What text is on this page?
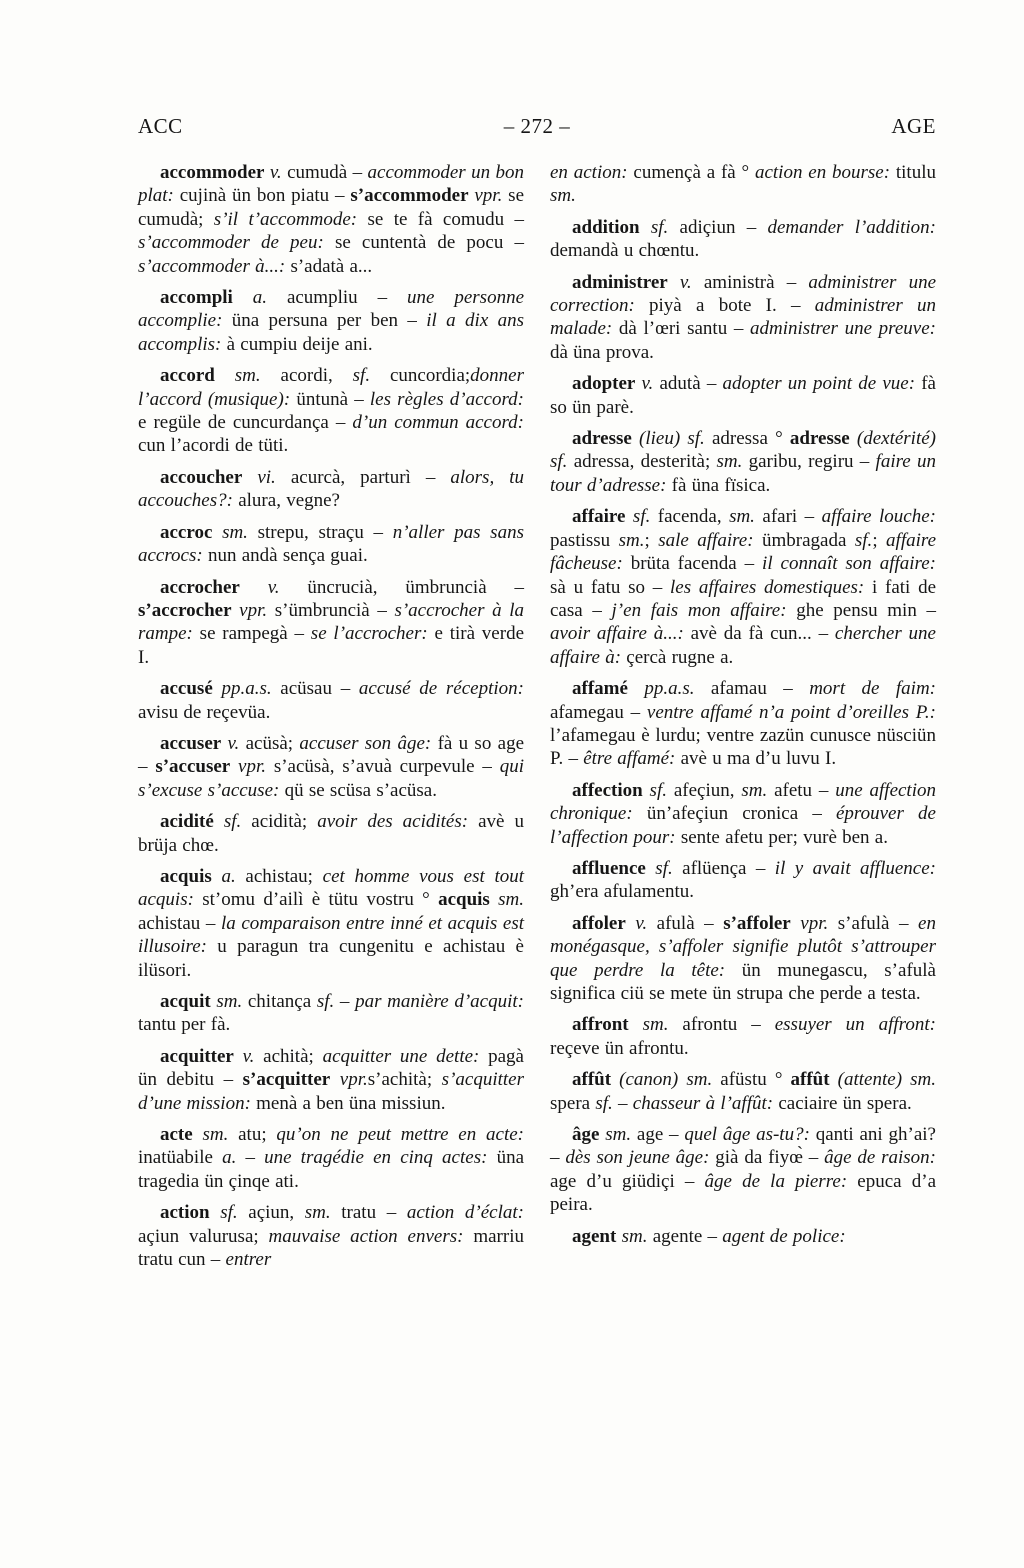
ACC	– 272 –	AGE

accommoder v. cumudà – accommoder un bon plat: cujinà ün bon piatu – s’accommoder vpr. se cumudà; s’il t’accommode: se te fà comudu – s’accommoder de peu: se cuntentà de pocu – s’accommoder à...: s’adatà a...

accompli a. acumpliu – une personne accomplie: üna persuna per ben – il a dix ans accomplis: à cumpiu deije ani.

accord sm. acordi, sf. cuncordia;donner l’accord (musique): üntunà – les règles d’accord: e regüle de cuncurdança – d’un commun accord: cun l’acordi de tüti.

accoucher vi. acurcà, parturì – alors, tu accouches?: alura, vegne?

accroc sm. strepu, straçu – n’aller pas sans accrocs: nun andà sença guai.

accrocher v. üncrucià, ümbruncià – s’accrocher vpr. s’ümbruncià – s’accrocher à la rampe: se rampegà – se l’accrocher: e tirà verde I.

accusé pp.a.s. acüsau – accusé de réception: avisu de reçevüa.

accuser v. acüsà; accuser son âge: fà u so age – s’accuser vpr. s’acüsà, s’avuà curpevule – qui s’excuse s’accuse: qü se scüsa s’acüsa.

acidité sf. acidità; avoir des acidités: avè u brüja chœ.

acquis a. achistau; cet homme vous est tout acquis: st’omu d’ailì è tütu vostru ° acquis sm. achistau – la comparaison entre inné et acquis est illusoire: u paragun tra cungenitu e achistau è ilüsori.

acquit sm. chitança sf. – par manière d’acquit: tantu per fà.

acquitter v. achità; acquitter une dette: pagà ün debitu – s’acquitter vpr.s’achità; s’acquitter d’une mission: menà a ben üna missiun.

acte sm. atu; qu’on ne peut mettre en acte: inatüabile a. – une tragédie en cinq actes: üna tragedia ün çinqe ati.

action sf. açiun, sm. tratu – action d’éclat: açiun valurusa; mauvaise action envers: marriu tratu cun – entrer

en action: cumençà a fà ° action en bourse: titulu sm.

addition sf. adiçiun – demander l’addition: demandà u chœntu.

administrer v. aministrà – administrer une correction: piyà a bote I. – administrer un malade: dà l’œri santu – administrer une preuve: dà üna prova.

adopter v. adutà – adopter un point de vue: fà so ün parè.

adresse (lieu) sf. adressa ° adresse (dextérité) sf. adressa, desterità; sm. garibu, regiru – faire un tour d’adresse: fà üna fïsica.

affaire sf. facenda, sm. afari – affaire louche: pastissu sm.; sale affaire: ümbragada sf.; affaire fâcheuse: brüta facenda – il connaît son affaire: sà u fatu so – les affaires domestiques: i fati de casa – j’en fais mon affaire: ghe pensu min – avoir affaire à...: avè da fà cun... – chercher une affaire à: çercà rugne a.

affamé pp.a.s. afamau – mort de faim: afamegau – ventre affamé n’a point d’oreilles P.: l’afamegau è lurdu; ventre zazün cunusce nüsciün P. – être affamé: avè u ma d’u luvu I.

affection sf. afeçiun, sm. afetu – une affection chronique: ün’afeçiun cronica – éprouver de l’affection pour: sente afetu per; vurè ben a.

affluence sf. aflüença – il y avait affluence: gh’era afulamentu.

affoler v. afulà – s’affoler vpr. s’afulà – en monégasque, s’affoler signifie plutôt s’attrouper que perdre la tête: ün munegascu, s’afulà significa ciü se mete ün strupa che perde a testa.

affront sm. afrontu – essuyer un affront: reçeve ün afrontu.

affût (canon) sm. afüstu ° affût (attente) sm. spera sf. – chasseur à l’affût: caciaire ün spera.

âge sm. age – quel âge as-tu?: qanti ani gh’ai? – dès son jeune âge: già da fiyœ̀ – âge de raison: age d’u giüdiçi – âge de la pierre: epuca d’a peira.

agent sm. agente – agent de police:
